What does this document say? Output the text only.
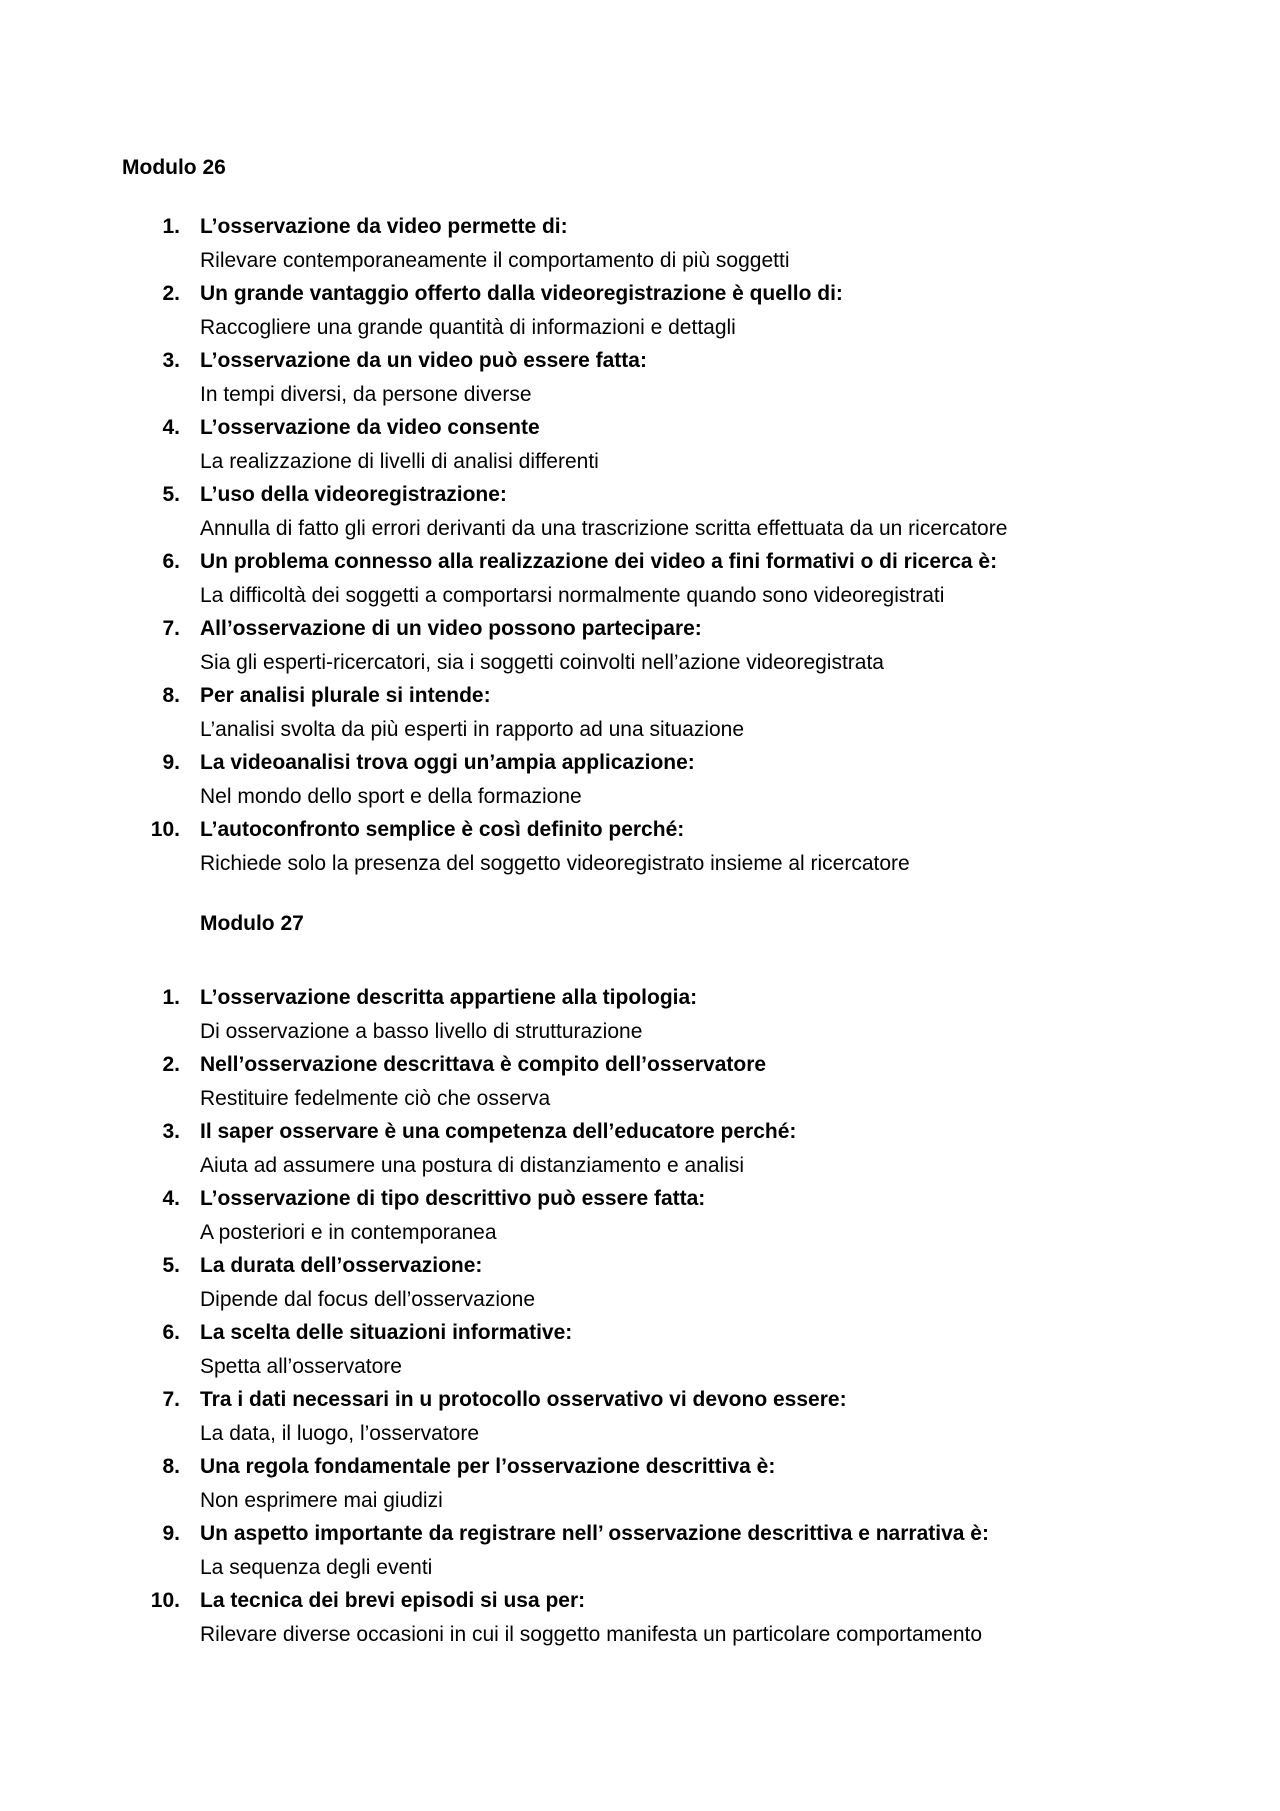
Modulo 26
1. L’osservazione da video permette di:
Rilevare contemporaneamente il comportamento di più soggetti
2. Un grande vantaggio offerto dalla videoregistrazione è quello di:
Raccogliere una grande quantità di informazioni e dettagli
3. L’osservazione da un video può essere fatta:
In tempi diversi, da persone diverse
4. L’osservazione da video consente
La realizzazione di livelli di analisi differenti
5. L’uso della videoregistrazione:
Annulla di fatto gli errori derivanti da una trascrizione scritta effettuata da un ricercatore
6. Un problema connesso alla realizzazione dei video a fini formativi o di ricerca è:
La difficoltà dei soggetti a comportarsi normalmente quando sono videoregistrati
7. All’osservazione di un video possono partecipare:
Sia gli esperti-ricercatori, sia i soggetti coinvolti nell’azione videoregistrata
8. Per analisi plurale si intende:
L’analisi svolta da più esperti in rapporto ad una situazione
9. La videoanalisi trova oggi un’ampia applicazione:
Nel mondo dello sport e della formazione
10. L’autoconfronto semplice è così definito perché:
Richiede solo la presenza del soggetto videoregistrato insieme al ricercatore
Modulo 27
1. L’osservazione descritta appartiene alla tipologia:
Di osservazione a basso livello di strutturazione
2. Nell’osservazione descrittava è compito dell’osservatore
Restituire fedelmente ciò che osserva
3. Il saper osservare è una competenza dell’educatore perché:
Aiuta ad assumere una postura di distanziamento e analisi
4. L’osservazione di tipo descrittivo può essere fatta:
A posteriori e in contemporanea
5. La durata dell’osservazione:
Dipende dal focus dell’osservazione
6. La scelta delle situazioni informative:
Spetta all’osservatore
7. Tra i dati necessari in u protocollo osservativo vi devono essere:
La data, il luogo, l’osservatore
8. Una regola fondamentale per l’osservazione descrittiva è:
Non esprimere mai giudizi
9. Un aspetto importante da registrare nell’ osservazione descrittiva e narrativa è:
La sequenza degli eventi
10. La tecnica dei brevi episodi si usa per:
Rilevare diverse occasioni in cui il soggetto manifesta un particolare comportamento
